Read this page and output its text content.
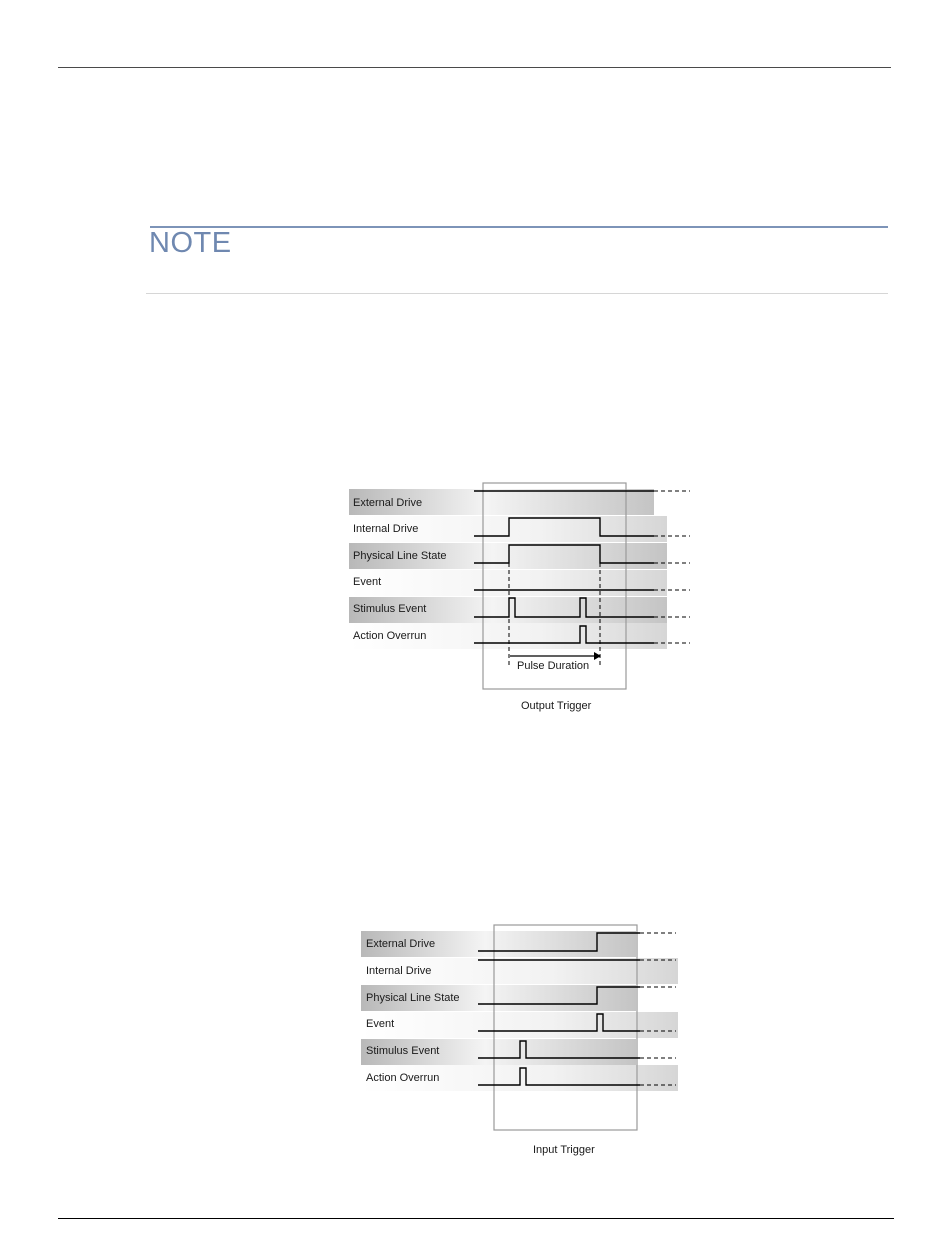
NOTE
External Drive
Internal Drive
Physical Line State
Event
Stimulus Event
Action Overrun
Pulse Duration
Output Trigger
External Drive
Internal Drive
Physical Line State
Event
Stimulus Event
Action Overrun
Input Trigger
